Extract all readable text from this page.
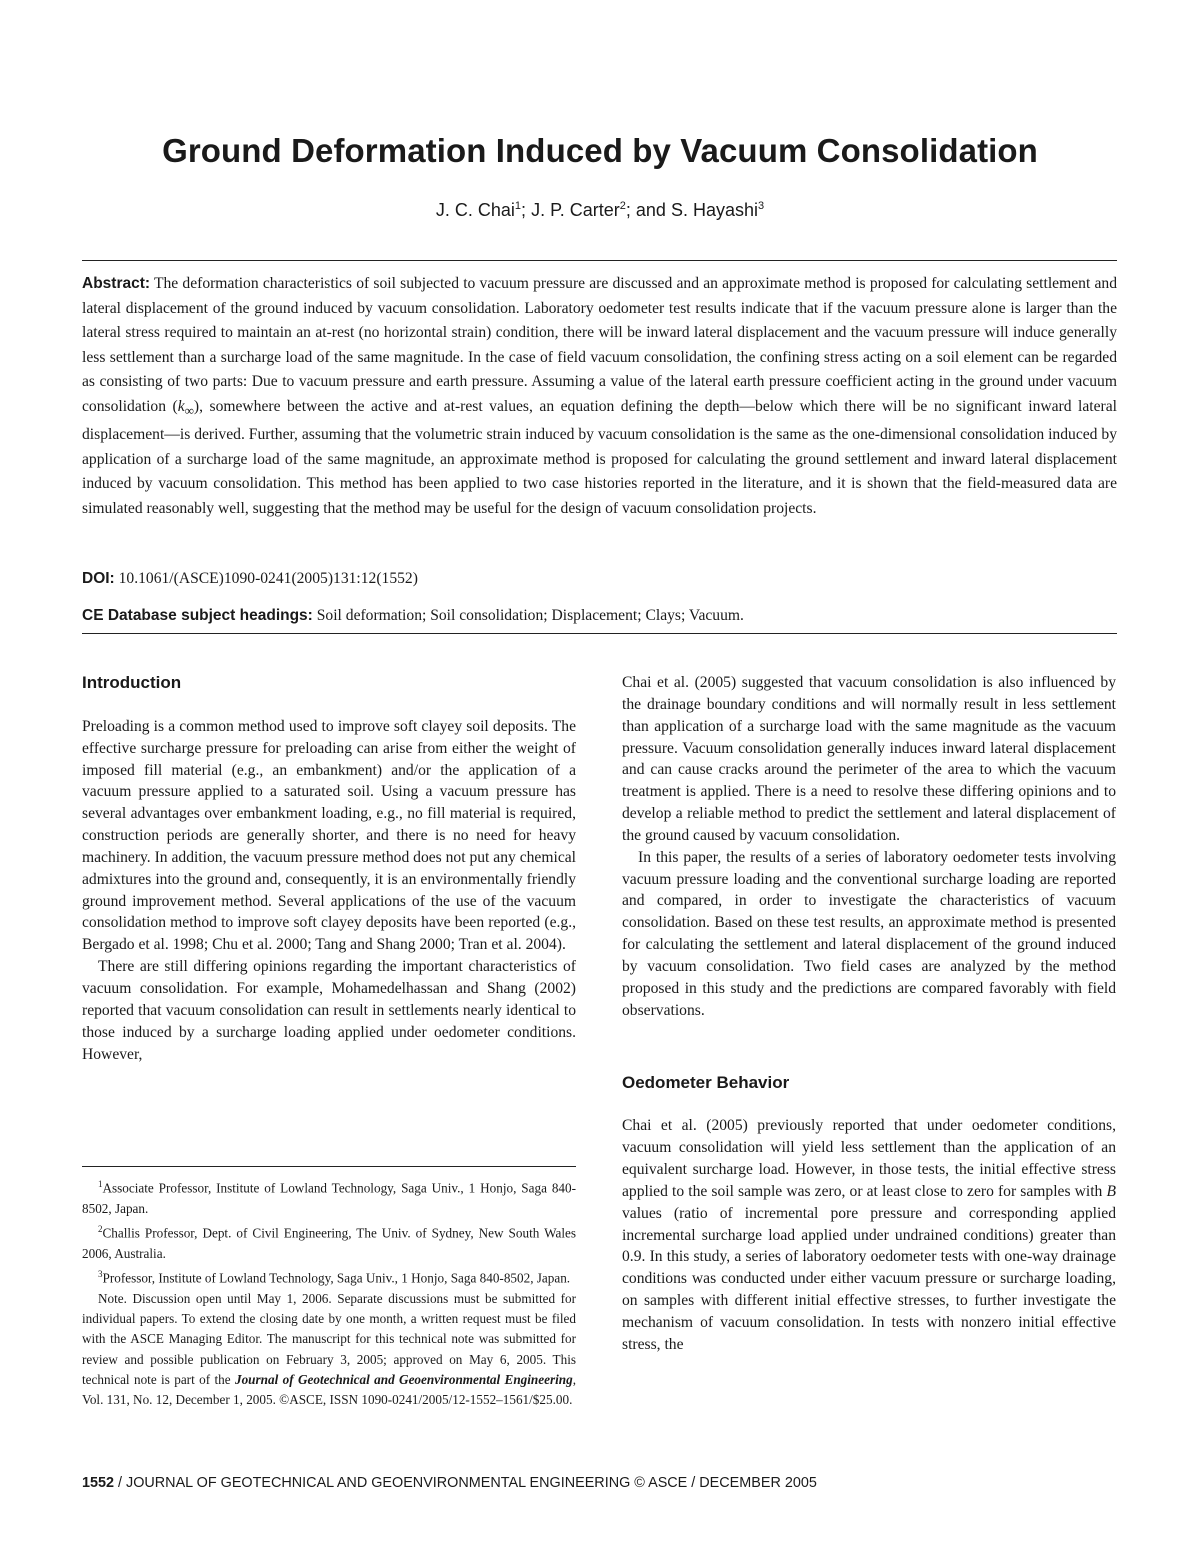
Ground Deformation Induced by Vacuum Consolidation
J. C. Chai$^1$; J. P. Carter$^2$; and S. Hayashi$^3$
Abstract: The deformation characteristics of soil subjected to vacuum pressure are discussed and an approximate method is proposed for calculating settlement and lateral displacement of the ground induced by vacuum consolidation. Laboratory oedometer test results indicate that if the vacuum pressure alone is larger than the lateral stress required to maintain an at-rest (no horizontal strain) condition, there will be inward lateral displacement and the vacuum pressure will induce generally less settlement than a surcharge load of the same magnitude. In the case of field vacuum consolidation, the confining stress acting on a soil element can be regarded as consisting of two parts: Due to vacuum pressure and earth pressure. Assuming a value of the lateral earth pressure coefficient acting in the ground under vacuum consolidation $(k_\infty)$, somewhere between the active and at-rest values, an equation defining the depth—below which there will be no significant inward lateral displacement—is derived. Further, assuming that the volumetric strain induced by vacuum consolidation is the same as the one-dimensional consolidation induced by application of a surcharge load of the same magnitude, an approximate method is proposed for calculating the ground settlement and inward lateral displacement induced by vacuum consolidation. This method has been applied to two case histories reported in the literature, and it is shown that the field-measured data are simulated reasonably well, suggesting that the method may be useful for the design of vacuum consolidation projects.
DOI: 10.1061/(ASCE)1090-0241(2005)131:12(1552)
CE Database subject headings: Soil deformation; Soil consolidation; Displacement; Clays; Vacuum.
Introduction

Preloading is a common method used to improve soft clayey soil deposits. The effective surcharge pressure for preloading can arise from either the weight of imposed fill material (e.g., an embankment) and/or the application of a vacuum pressure applied to a saturated soil. Using a vacuum pressure has several advantages over embankment loading, e.g., no fill material is required, construction periods are generally shorter, and there is no need for heavy machinery. In addition, the vacuum pressure method does not put any chemical admixtures into the ground and, consequently, it is an environmentally friendly ground improvement method. Several applications of the use of the vacuum consolidation method to improve soft clayey deposits have been reported (e.g., Bergado et al. 1998; Chu et al. 2000; Tang and Shang 2000; Tran et al. 2004).

There are still differing opinions regarding the important characteristics of vacuum consolidation. For example, Mohamedelhassan and Shang (2002) reported that vacuum consolidation can result in settlements nearly identical to those induced by a surcharge loading applied under oedometer conditions. However,

$^1$Associate Professor, Institute of Lowland Technology, Saga Univ., 1 Honjo, Saga 840-8502, Japan.

$^2$Challis Professor, Dept. of Civil Engineering, The Univ. of Sydney, New South Wales 2006, Australia.

$^3$Professor, Institute of Lowland Technology, Saga Univ., 1 Honjo, Saga 840-8502, Japan.

Note. Discussion open until May 1, 2006. Separate discussions must be submitted for individual papers. To extend the closing date by one month, a written request must be filed with the ASCE Managing Editor. The manuscript for this technical note was submitted for review and possible publication on February 3, 2005; approved on May 6, 2005. This technical note is part of the Journal of Geotechnical and Geoenvironmental Engineering, Vol. 131, No. 12, December 1, 2005. ©ASCE, ISSN 1090-0241/2005/12-1552–1561/$25.00.

Chai et al. (2005) suggested that vacuum consolidation is also influenced by the drainage boundary conditions and will normally result in less settlement than application of a surcharge load with the same magnitude as the vacuum pressure. Vacuum consolidation generally induces inward lateral displacement and can cause cracks around the perimeter of the area to which the vacuum treatment is applied. There is a need to resolve these differing opinions and to develop a reliable method to predict the settlement and lateral displacement of the ground caused by vacuum consolidation.

In this paper, the results of a series of laboratory oedometer tests involving vacuum pressure loading and the conventional surcharge loading are reported and compared, in order to investigate the characteristics of vacuum consolidation. Based on these test results, an approximate method is presented for calculating the settlement and lateral displacement of the ground induced by vacuum consolidation. Two field cases are analyzed by the method proposed in this study and the predictions are compared favorably with field observations.

Oedometer Behavior

Chai et al. (2005) previously reported that under oedometer conditions, vacuum consolidation will yield less settlement than the application of an equivalent surcharge load. However, in those tests, the initial effective stress applied to the soil sample was zero, or at least close to zero for samples with B values (ratio of incremental pore pressure and corresponding applied incremental surcharge load applied under undrained conditions) greater than 0.9. In this study, a series of laboratory oedometer tests with one-way drainage conditions was conducted under either vacuum pressure or surcharge loading, on samples with different initial effective stresses, to further investigate the mechanism of vacuum consolidation. In tests with nonzero initial effective stress, the

1552 / JOURNAL OF GEOTECHNICAL AND GEOENVIRONMENTAL ENGINEERING © ASCE / DECEMBER 2005
